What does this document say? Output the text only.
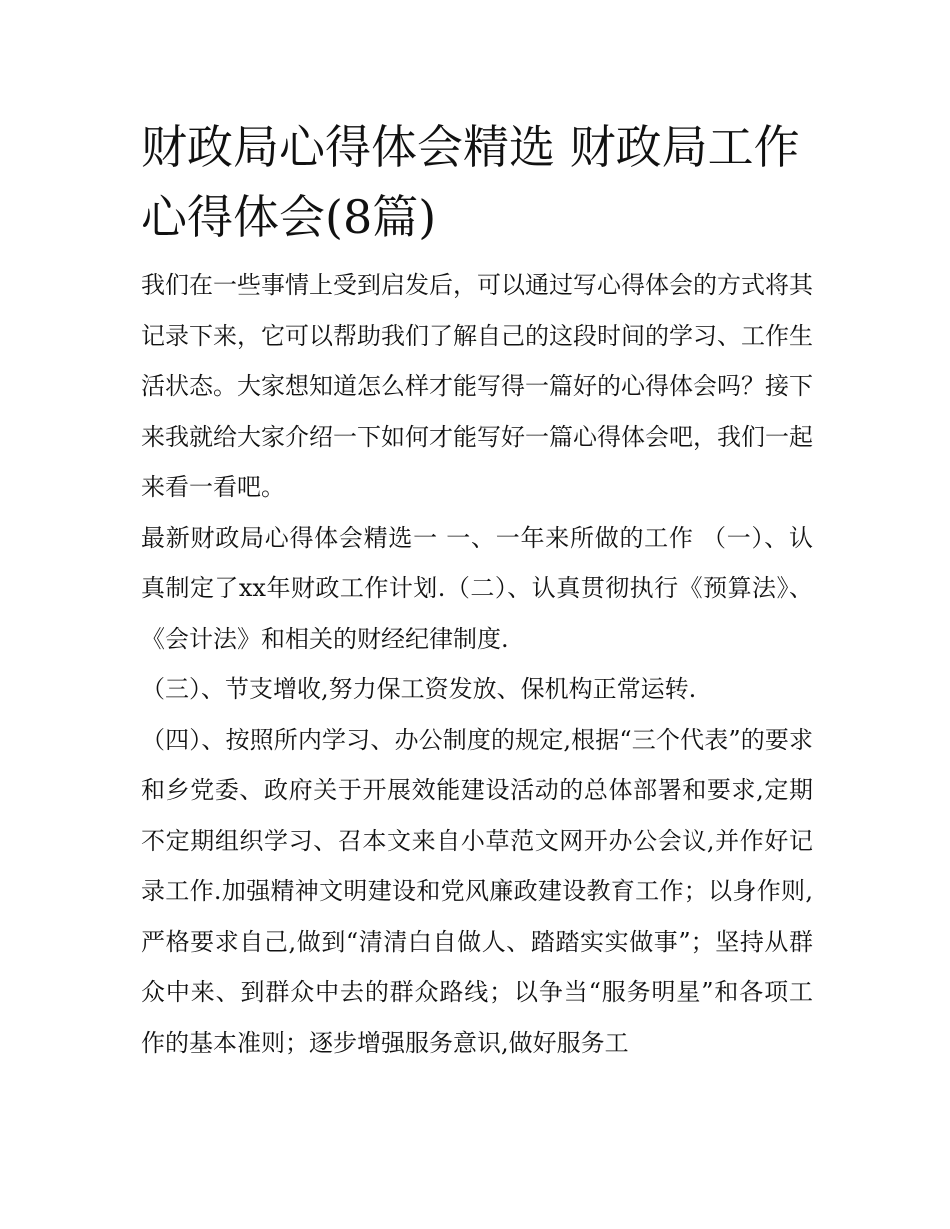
财政局心得体会精选 财政局工作心得体会(8篇)

我们在一些事情上受到启发后，可以通过写心得体会的方式将其记录下来，它可以帮助我们了解自己的这段时间的学习、工作生活状态。大家想知道怎么样才能写得一篇好的心得体会吗？接下来我就给大家介绍一下如何才能写好一篇心得体会吧，我们一起来看一看吧。

最新财政局心得体会精选一 一、一年来所做的工作 （一）、认真制定了xx年财政工作计划.（二）、认真贯彻执行《预算法》、《会计法》和相关的财经纪律制度.

（三）、节支增收,努力保工资发放、保机构正常运转.

（四）、按照所内学习、办公制度的规定,根据“三个代表”的要求和乡党委、政府关于开展效能建设活动的总体部署和要求,定期不定期组织学习、召本文来自小草范文网开办公会议,并作好记录工作.加强精神文明建设和党风廉政建设教育工作；以身作则,严格要求自己,做到“清清白自做人、踏踏实实做事”；坚持从群众中来、到群众中去的群众路线；以争当“服务明星”和各项工作的基本准则；逐步增强服务意识,做好服务工
